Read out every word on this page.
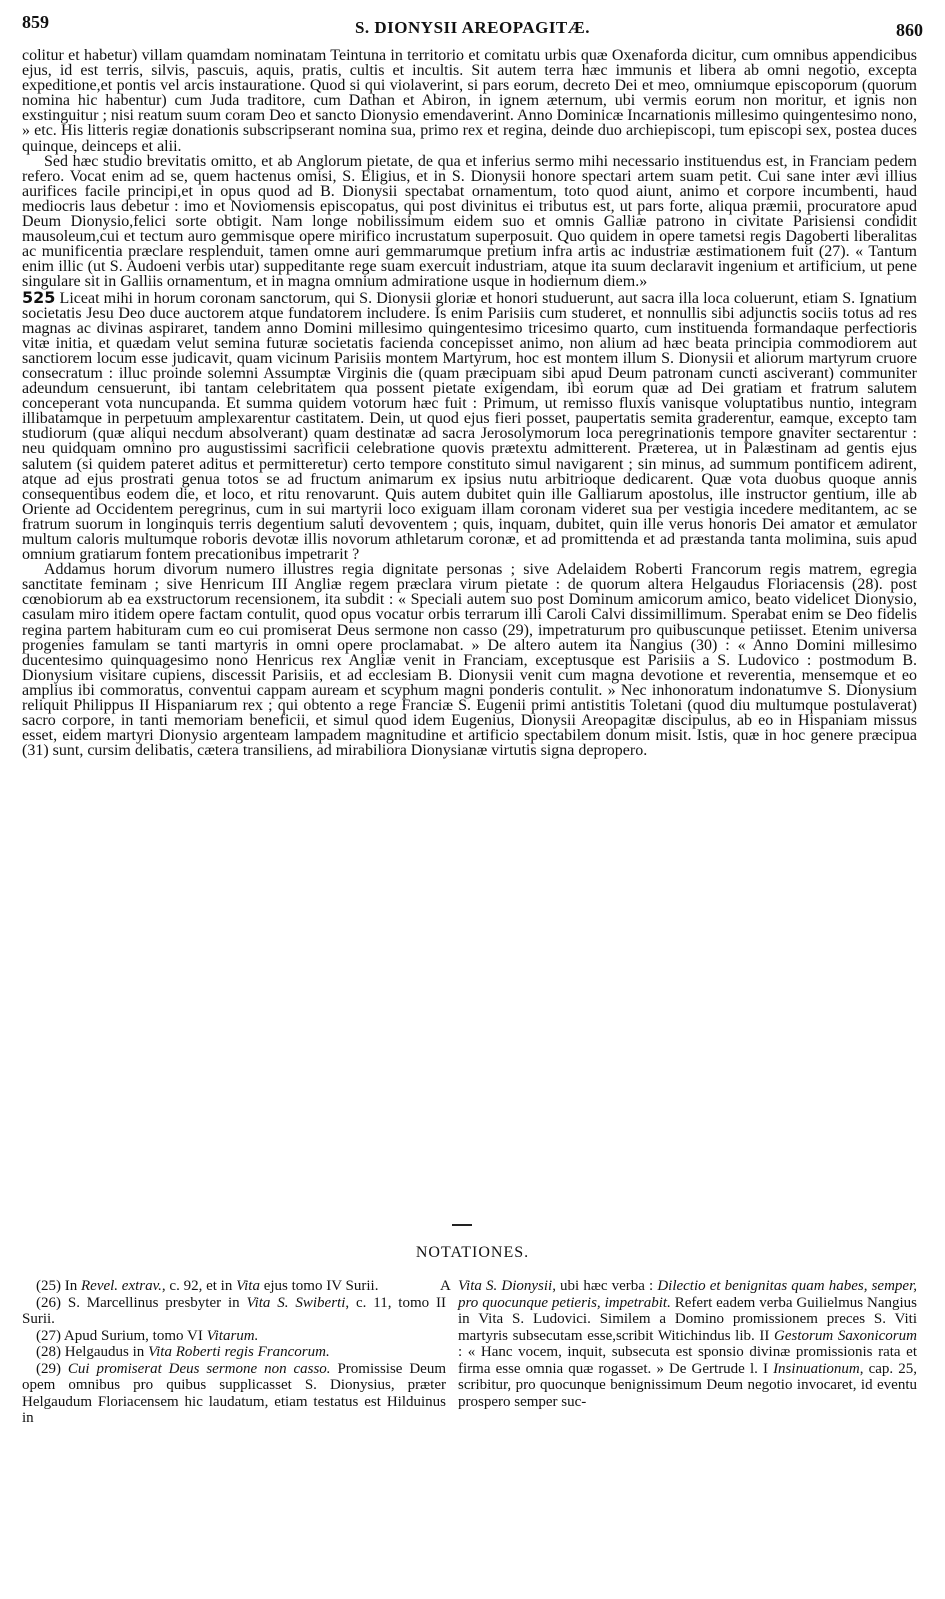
859	S. DIONYSII AREOPAGITÆ.	860

colitur et habetur) villam quamdam nominatam Teintuna in territorio et comitatu urbis quæ Oxenaforda dicitur, cum omnibus appendicibus ejus, id est terris, silvis, pascuis, aquis, pratis, cultis et incultis. Sit autem terra hæc immunis et libera ab omni negotio, excepta expeditione,et pontis vel arcis instauratione. Quod si qui violaverint, si pars eorum, decreto Dei et meo, omniumque episcoporum (quorum nomina hic habentur) cum Juda traditore, cum Dathan et Abiron, in ignem æternum, ubi vermis eorum non moritur, et ignis non exstinguitur ; nisi reatum suum coram Deo et sancto Dionysio emendaverint. Anno Dominicæ Incarnationis millesimo quingentesimo nono, » etc. His litteris regiæ donationis subscripserant nomina sua, primo rex et regina, deinde duo archiepiscopi, tum episcopi sex, postea duces quinque, deinceps et alii.

Sed hæc studio brevitatis omitto, et ab Anglorum pietate, de qua et inferius sermo mihi necessario instituendus est, in Franciam pedem refero. Vocat enim ad se, quem hactenus omisi, S. Eligius, et in S. Dionysii honore spectari artem suam petit. Cui sane inter ævi illius aurifices facile principi,et in opus quod ad B. Dionysii spectabat ornamentum, toto quod aiunt, animo et corpore incumbenti, haud mediocris laus debetur : imo et Noviomensis episcopatus, qui post divinitus ei tributus est, ut pars forte, aliqua præmii, procuratore apud Deum Dionysio,felici sorte obtigit. Nam longe nobilissimum eidem suo et omnis Galliæ patrono in civitate Parisiensi condidit mausoleum,cui et tectum auro gemmisque opere mirifico incrustatum superposuit. Quo quidem in opere tametsi regis Dagoberti liberalitas ac munificentia præclare resplenduit, tamen omne auri gemmarumque pretium infra artis ac industriæ æstimationem fuit (27). « Tantum enim illic (ut S. Audoeni verbis utar) suppeditante rege suam exercuit industriam, atque ita suum declaravit ingenium et artificium, ut pene singulare sit in Galliis ornamentum, et in magna omnium admiratione usque in hodiernum diem.»

525 Liceat mihi in horum coronam sanctorum, qui S. Dionysii gloriæ et honori studuerunt, aut sacra illa loca coluerunt, etiam S. Ignatium societatis Jesu Deo duce auctorem atque fundatorem includere. Is enim Parisiis cum studeret, et nonnullis sibi adjunctis sociis totus ad res magnas ac divinas aspiraret, tandem anno Domini millesimo quingentesimo tricesimo quarto, cum instituenda formandaque perfectioris vitæ initia, et quædam velut semina futuræ societatis facienda concepisset animo, non alium ad hæc beata principia commodiorem aut sanctiorem locum esse judicavit, quam vicinum Parisiis montem Martyrum, hoc est montem illum S. Dionysii et aliorum martyrum cruore consecratum : illuc proinde solemni Assumptæ Virginis die (quam præcipuam sibi apud Deum patronam cuncti asciverant) communiter adeundum censuerunt, ibi tantam celebritatem qua possent pietate exigendam, ibi eorum quæ ad Dei gratiam et fratrum salutem conceperant vota nuncupanda. Et summa quidem votorum hæc fuit : Primum, ut remisso fluxis vanisque voluptatibus nuntio, integram illibatamque in perpetuum amplexarentur castitatem. Dein, ut quod ejus fieri posset, paupertatis semita graderentur, eamque, excepto tam studiorum (quæ aliqui necdum absolverant) quam destinatæ ad sacra Jerosolymorum loca peregrinationis tempore gnaviter sectarentur : neu quidquam omnino pro augustissimi sacrificii celebratione quovis prætextu admitterent. Præterea, ut in Palæstinam ad gentis ejus salutem (si quidem pateret aditus et permitteretur) certo tempore constituto simul navigarent ; sin minus, ad summum pontificem adirent, atque ad ejus prostrati genua totos se ad fructum animarum ex ipsius nutu arbitrioque dedicarent. Quæ vota duobus quoque annis consequentibus eodem die, et loco, et ritu renovarunt. Quis autem dubitet quin ille Galliarum apostolus, ille instructor gentium, ille ab Oriente ad Occidentem peregrinus, cum in sui martyrii loco exiguam illam coronam videret sua per vestigia incedere meditantem, ac se fratrum suorum in longinquis terris degentium saluti devoventem ; quis, inquam, dubitet, quin ille verus honoris Dei amator et æmulator multum caloris multumque roboris devotæ illis novorum athletarum coronæ, et ad promittenda et ad præstanda tanta molimina, suis apud omnium gratiarum fontem precationibus impetrarit ?

Addamus horum divorum numero illustres regia dignitate personas ; sive Adelaidem Roberti Francorum regis matrem, egregia sanctitate feminam ; sive Henricum III Angliæ regem præclara virum pietate : de quorum altera Helgaudus Floriacensis (28). post cœnobiorum ab ea exstructorum recensionem, ita subdit : « Speciali autem suo post Dominum amicorum amico, beato videlicet Dionysio, casulam miro itidem opere factam contulit, quod opus vocatur orbis terrarum illi Caroli Calvi dissimillimum. Sperabat enim se Deo fidelis regina partem habituram cum eo cui promiserat Deus sermone non casso (29), impetraturum pro quibuscunque petiisset. Etenim universa progenies famulam se tanti martyris in omni opere proclamabat. » De altero autem ita Nangius (30) : « Anno Domini millesimo ducentesimo quinquagesimo nono Henricus rex Angliæ venit in Franciam, exceptusque est Parisiis a S. Ludovico : postmodum B. Dionysium visitare cupiens, discessit Parisiis, et ad ecclesiam B. Dionysii venit cum magna devotione et reverentia, mensemque et eo amplius ibi commoratus, conventui cappam auream et scyphum magni ponderis contulit. » Nec inhonoratum indonatumve S. Dionysium reliquit Philippus II Hispaniarum rex ; qui obtento a rege Franciæ S. Eugenii primi antistitis Toletani (quod diu multumque postulaverat) sacro corpore, in tanti memoriam beneficii, et simul quod idem Eugenius, Dionysii Areopagitæ discipulus, ab eo in Hispaniam missus esset, eidem martyri Dionysio argenteam lampadem magnitudine et artificio spectabilem donum misit. Istis, quæ in hoc genere præcipua (31) sunt, cursim delibatis, cætera transiliens, ad mirabiliora Dionysianæ virtutis signa depropero.

NOTATIONES.

(25) In Revel. extrav., c. 92, et in Vita ejus tomo IV Surii.

(26) S. Marcellinus presbyter in Vita S. Swiberti, c. 11, tomo II Surii.

(27) Apud Surium, tomo VI Vitarum.

(28) Helgaudus in Vita Roberti regis Francorum.

(29) Cui promiserat Deus sermone non casso. Promissise Deum opem omnibus pro quibus supplicasset S. Dionysius, præter Helgaudum Floriacensem hic laudatum, etiam testatus est Hilduinus in

A Vita S. Dionysii, ubi hæc verba : Dilectio et benignitas quam habes, semper, pro quocunque petieris, impetrabit. Refert eadem verba Guilielmus Nangius in Vita S. Ludovici. Similem a Domino promissionem preces S. Viti martyris subsecutam esse,scribit Witichindus lib. II Gestorum Saxonicorum : « Hanc vocem, inquit, subsecuta est sponsio divinæ promissionis rata et firma esse omnia quæ rogasset. » De Gertrude l. I Insinuationum, cap. 25, scribitur, pro quocunque benignissimum Deum negotio invocaret, id eventu prospero semper suc-
